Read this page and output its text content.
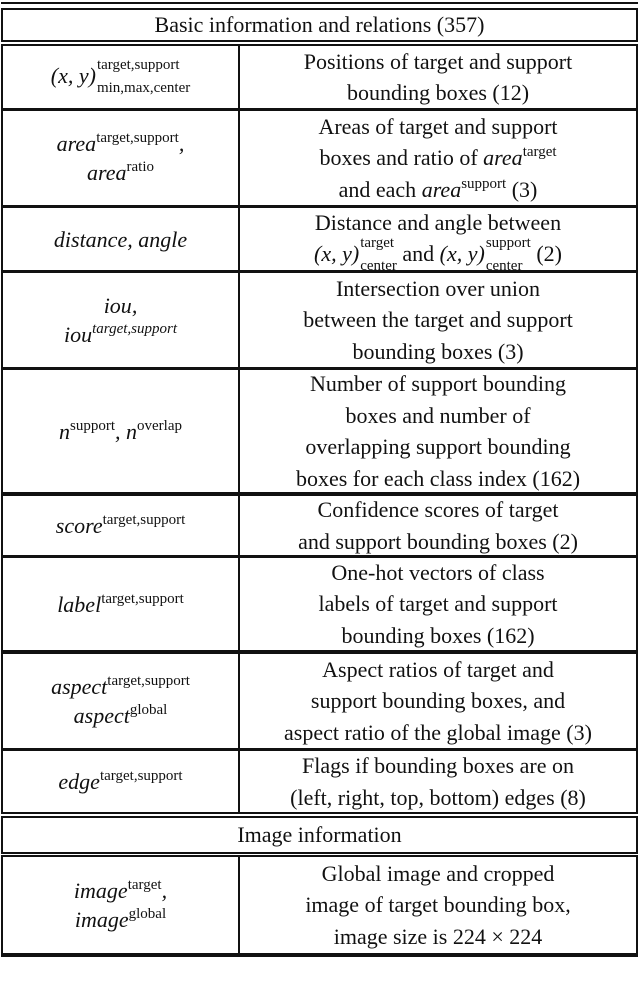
Basic information and relations (357)
(x, y) target,support
min,max,center
Positions of target and support
bounding boxes (12)
area$^{target,support}$,
area$^{ratio}$
Areas of target and support
boxes and ratio of area$^{target}$
and each area$^{support}$ (3)
distance, angle
Distance and angle between
(x, y) target
center and (x, y) support
center (2)
iou,
iou$^{target,support}$
Intersection over union
between the target and support
bounding boxes (3)
$n^{support}$, $n^{overlap}$
Number of support bounding
boxes and number of
overlapping support bounding
boxes for each class index (162)
score$^{target,support}$	Confidence scores of target
and support bounding boxes (2)
label$^{target,support}$
One-hot vectors of class
labels of target and support
bounding boxes (162)
aspect$^{target,support}$
aspect$^{global}$
Aspect ratios of target and
support bounding boxes, and
aspect ratio of the global image (3)
edge$^{target,support}$	Flags if bounding boxes are on
(left, right, top, bottom) edges (8)
Image information
image$^{target}$,
image$^{global}$
Global image and cropped
image of target bounding box,
image size is 224 × 224
